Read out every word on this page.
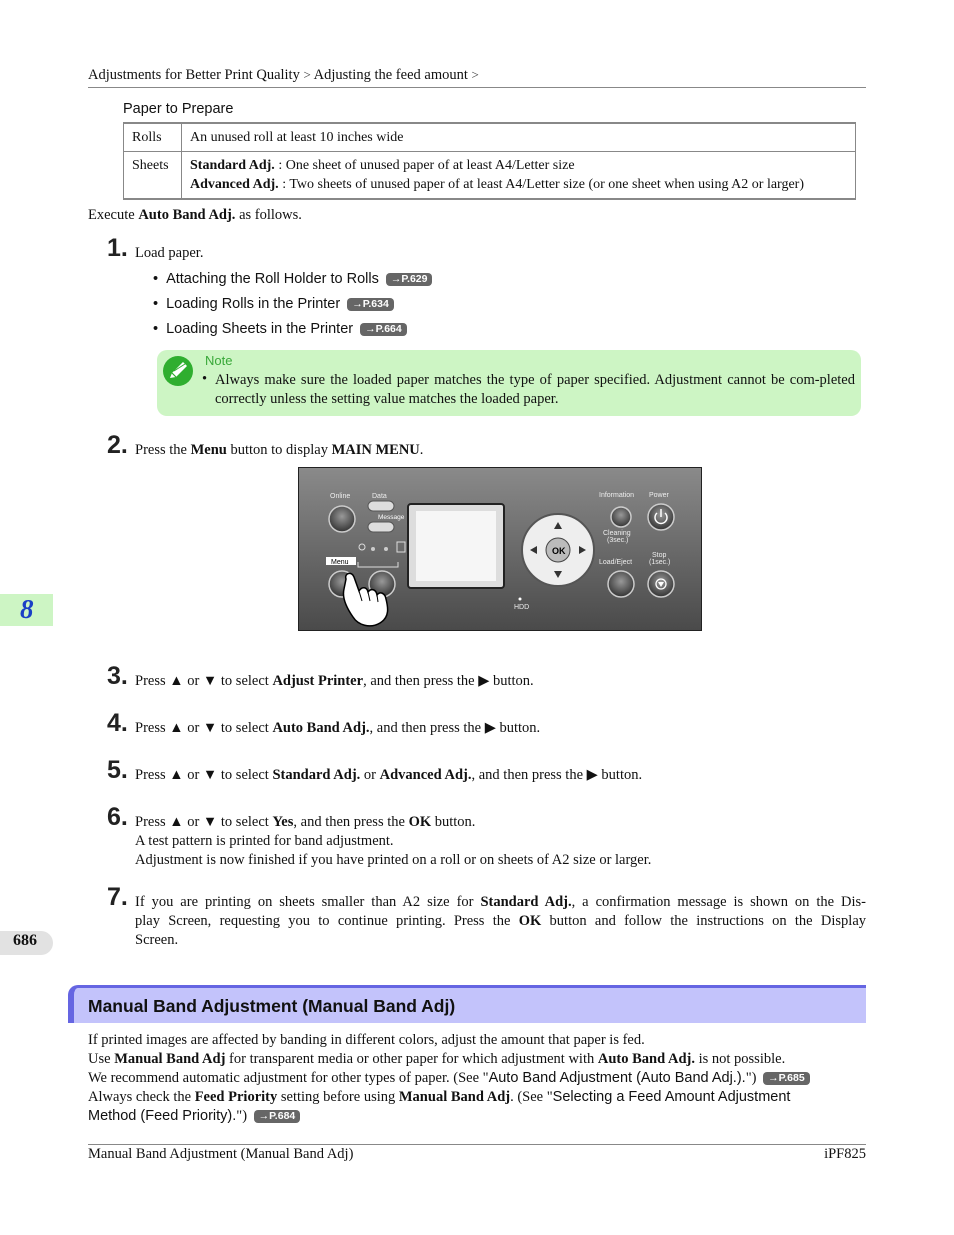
Adjustments for Better Print Quality > Adjusting the feed amount >
Paper to Prepare
Rolls	An unused roll at least 10 inches wide
Sheets	Standard Adj. : One sheet of unused paper of at least A4/Letter size
Advanced Adj. : Two sheets of unused paper of at least A4/Letter size (or one sheet when using A2 or larger)
Execute Auto Band Adj. as follows.
1. Load paper.
• Attaching the Roll Holder to Rolls →P.629
• Loading Rolls in the Printer →P.634
• Loading Sheets in the Printer →P.664
Note
• Always make sure the loaded paper matches the type of paper specified. Adjustment cannot be com-pleted correctly unless the setting value matches the loaded paper.
2. Press the Menu button to display MAIN MENU.
Online	Data	Information Power
Cleaning
(3sec.)
Stop
(1sec.)
Load/Eject
HDD
Message
Menu
OK
8
3. Press ▲ or ▼ to select Adjust Printer, and then press the ▶ button.
4. Press ▲ or ▼ to select Auto Band Adj., and then press the ▶ button.
5. Press ▲ or ▼ to select Standard Adj. or Advanced Adj., and then press the ▶ button.
6. Press ▲ or ▼ to select Yes, and then press the OK button.
A test pattern is printed for band adjustment.
Adjustment is now finished if you have printed on a roll or on sheets of A2 size or larger.
7. If you are printing on sheets smaller than A2 size for Standard Adj., a confirmation message is shown on the Dis-
play Screen, requesting you to continue printing. Press the OK button and follow the instructions on the Display
Screen.
686
Manual Band Adjustment (Manual Band Adj)
If printed images are affected by banding in different colors, adjust the amount that paper is fed.
Use Manual Band Adj for transparent media or other paper for which adjustment with Auto Band Adj. is not possible.
We recommend automatic adjustment for other types of paper. (See "Auto Band Adjustment (Auto Band Adj.).") →P.685
Always check the Feed Priority setting before using Manual Band Adj. (See "Selecting a Feed Amount Adjustment
Method (Feed Priority).") →P.684
Manual Band Adjustment (Manual Band Adj)	iPF825
